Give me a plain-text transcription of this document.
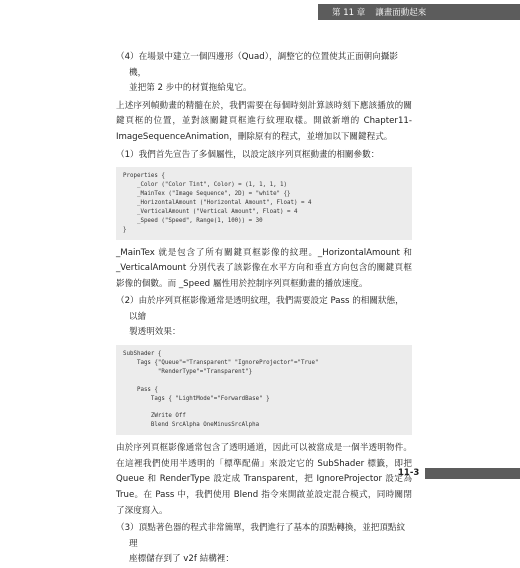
第 11 章 讓畫面動起來

（4）在場景中建立一個四邊形（Quad），調整它的位置使其正面朝向攝影機，

並把第 2 步中的材質拖給鬼它。

上述序列幀動畫的精髓在於，我們需要在每個時刻計算該時刻下應該播放的關鍵頁框的位置，並對該關鍵頁框進行紋理取樣。開啟新增的 Chapter11-ImageSequenceAnimation，刪除原有的程式，並增加以下關鍵程式。

（1）我們首先宣告了多個屬性，以設定該序列頁框動畫的相關參數：

Properties {
_Color ("Color Tint", Color) = (1, 1, 1, 1)
_MainTex ("Image Sequence", 2D) = "white" {}
_HorizontalAmount ("Horizontal Amount", Float) = 4
_VerticalAmount ("Vertical Amount", Float) = 4
_Speed ("Speed", Range(1, 100)) = 30
}

_MainTex 就是包含了所有關鍵頁框影像的紋理。_HorizontalAmount 和 _VerticalAmount 分別代表了該影像在水平方向和垂直方向包含的關鍵頁框影像的個數。而 _Speed 屬性用於控制序列頁框動畫的播放速度。

（2）由於序列頁框影像通常是透明紋理，我們需要設定 Pass 的相關狀態，以繪

製透明效果：

SubShader {
Tags {"Queue"="Transparent" "IgnoreProjector"="True"
"RenderType"="Transparent"}

Pass {
Tags { "LightMode"="ForwardBase" }

ZWrite Off
Blend SrcAlpha OneMinusSrcAlpha

由於序列頁框影像通常包含了透明通道，因此可以被當成是一個半透明物件。在這裡我們使用半透明的「標準配備」來設定它的 SubShader 標籤，即把 Queue 和 RenderType 設定成 Transparent，把 IgnoreProjector 設定為 True。在 Pass 中，我們使用 Blend 指令來開啟並設定混合模式，同時關閉了深度寫入。

（3）頂點著色器的程式非常簡單，我們進行了基本的頂點轉換，並把頂點紋理

座標儲存到了 v2f 結構裡：

11-3
